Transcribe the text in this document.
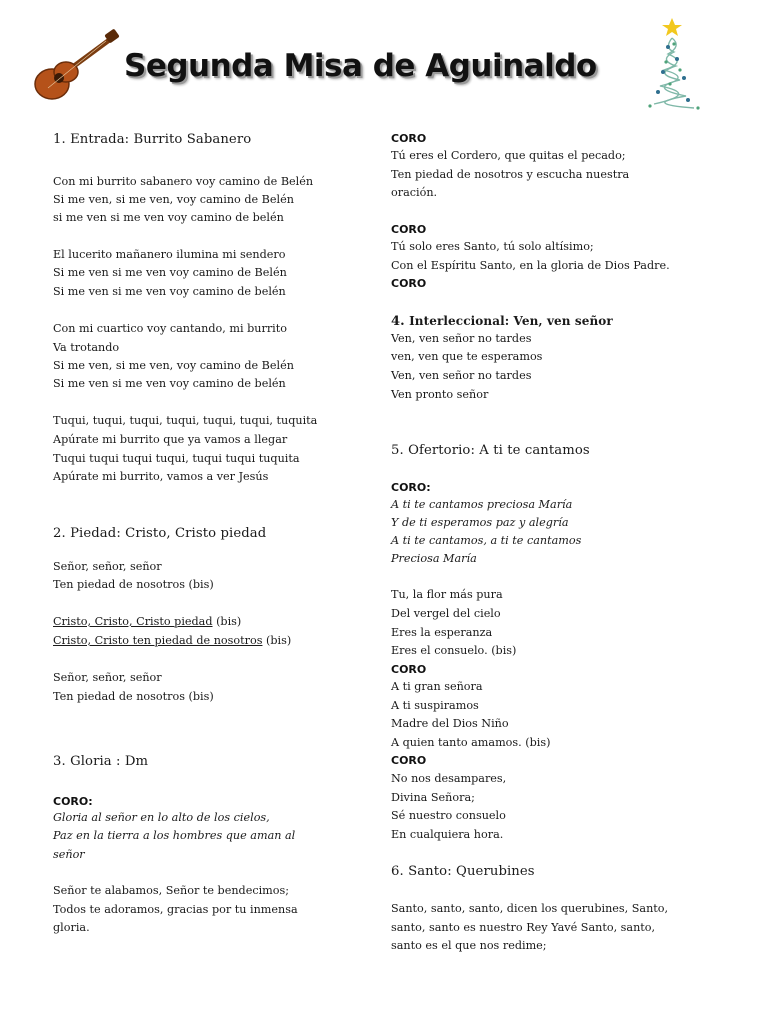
Segunda Misa de Aguinaldo
1. Entrada: Burrito Sabanero
Con mi burrito sabanero voy camino de Belén
Si me ven, si me ven, voy camino de Belén
si me ven si me ven voy camino de belén
El lucerito mañanero ilumina mi sendero
Si me ven si me ven voy camino de Belén
Si me ven si me ven voy camino de belén
Con mi cuartico voy cantando, mi burrito
Va trotando
Si me ven, si me ven, voy camino de Belén
Si me ven si me ven voy camino de belén
Tuqui, tuqui, tuqui, tuqui, tuqui, tuqui, tuquita
Apúrate mi burrito que ya vamos a llegar
Tuqui tuqui tuqui tuqui, tuqui tuqui tuquita
Apúrate mi burrito, vamos a ver Jesús
2. Piedad: Cristo, Cristo piedad
Señor, señor, señor
Ten piedad de nosotros (bis)
Cristo, Cristo, Cristo piedad (bis)
Cristo, Cristo ten piedad de nosotros (bis)
Señor, señor, señor
Ten piedad de nosotros (bis)
3. Gloria : Dm
CORO:
Gloria al señor en lo alto de los cielos,
Paz en la tierra a los hombres que aman al
señor
Señor te alabamos, Señor te bendecimos;
Todos te adoramos, gracias por tu inmensa
gloria.
CORO
Tú eres el Cordero, que quitas el pecado;
Ten piedad de nosotros y escucha nuestra
oración.
CORO
Tú solo eres Santo, tú solo altísimo;
Con el Espíritu Santo, en la gloria de Dios Padre.
CORO
4. Interleccional: Ven, ven señor
Ven, ven señor no tardes
ven, ven que te esperamos
Ven, ven señor no tardes
Ven pronto señor
5. Ofertorio: A ti te cantamos
CORO:
A ti te cantamos preciosa María
Y de ti esperamos paz y alegría
A ti te cantamos, a ti te cantamos
Preciosa María
Tu, la flor más pura
Del vergel del cielo
Eres la esperanza
Eres el consuelo. (bis)
CORO
A ti gran señora
A ti suspiramos
Madre del Dios Niño
A quien tanto amamos. (bis)
CORO
No nos desampares,
Divina Señora;
Sé nuestro consuelo
En cualquiera hora.
6. Santo: Querubines
Santo, santo, santo, dicen los querubines, Santo,
santo, santo es nuestro Rey Yavé Santo, santo,
santo es el que nos redime;
